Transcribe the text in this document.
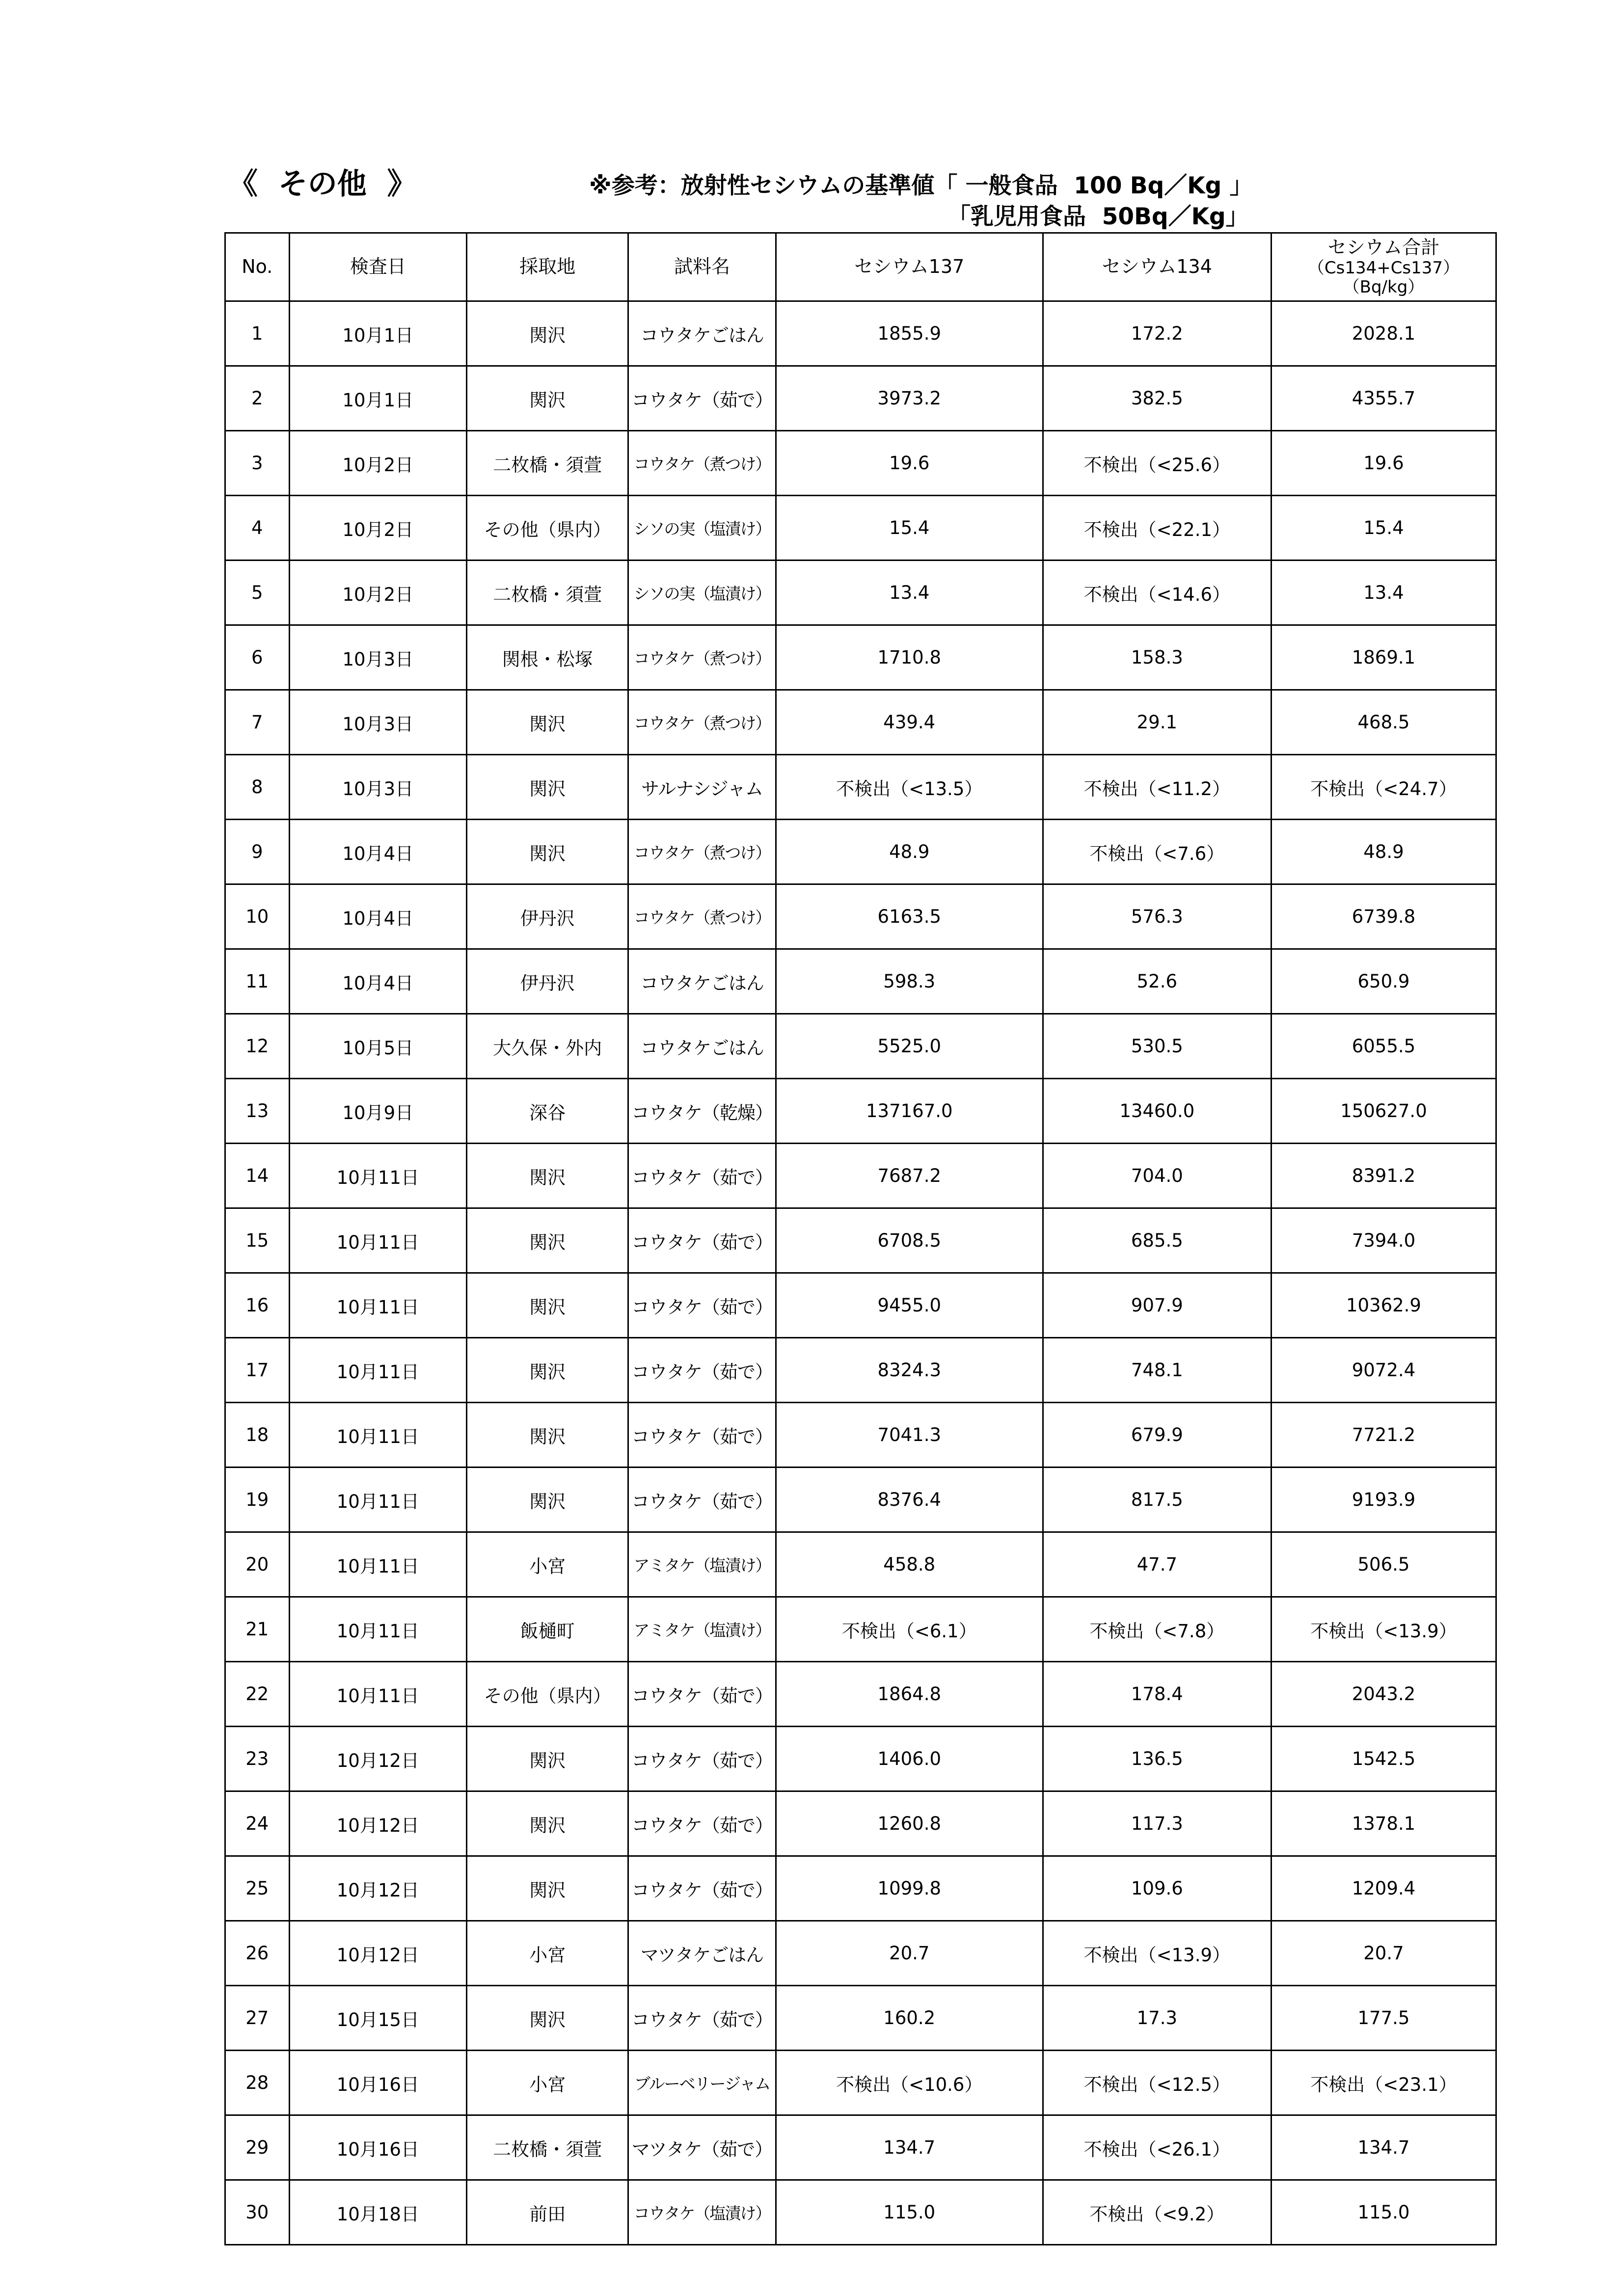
《  その他  》	※参考：放射性セシウムの基準値「 一般食品  100 Bq／Kg 」
「乳児用食品  50Bq／Kg」
No.	検査日	採取地	試料名	セシウム137	セシウム134	セシウム合計
（Cs134+Cs137）
（Bq/kg）

1	10月1日	関沢	コウタケごはん	1855.9	172.2	2028.1
2	10月1日	関沢	コウタケ（茹で）	3973.2	382.5	4355.7
3	10月2日	二枚橋・須萱	コウタケ（煮つけ）	19.6	不検出（<25.6）	19.6
4	10月2日	その他（県内）	シソの実（塩漬け）	15.4	不検出（<22.1）	15.4
5	10月2日	二枚橋・須萱	シソの実（塩漬け）	13.4	不検出（<14.6）	13.4
6	10月3日	関根・松塚	コウタケ（煮つけ）	1710.8	158.3	1869.1
7	10月3日	関沢	コウタケ（煮つけ）	439.4	29.1	468.5
8	10月3日	関沢	サルナシジャム	不検出（<13.5）	不検出（<11.2）	不検出（<24.7）
9	10月4日	関沢	コウタケ（煮つけ）	48.9	不検出（<7.6）	48.9
10	10月4日	伊丹沢	コウタケ（煮つけ）	6163.5	576.3	6739.8
11	10月4日	伊丹沢	コウタケごはん	598.3	52.6	650.9
12	10月5日	大久保・外内	コウタケごはん	5525.0	530.5	6055.5
13	10月9日	深谷	コウタケ（乾燥）	137167.0	13460.0	150627.0
14	10月11日	関沢	コウタケ（茹で）	7687.2	704.0	8391.2
15	10月11日	関沢	コウタケ（茹で）	6708.5	685.5	7394.0
16	10月11日	関沢	コウタケ（茹で）	9455.0	907.9	10362.9
17	10月11日	関沢	コウタケ（茹で）	8324.3	748.1	9072.4
18	10月11日	関沢	コウタケ（茹で）	7041.3	679.9	7721.2
19	10月11日	関沢	コウタケ（茹で）	8376.4	817.5	9193.9
20	10月11日	小宮	アミタケ（塩漬け）	458.8	47.7	506.5
21	10月11日	飯樋町	アミタケ（塩漬け）	不検出（<6.1）	不検出（<7.8）	不検出（<13.9）
22	10月11日	その他（県内）	コウタケ（茹で）	1864.8	178.4	2043.2
23	10月12日	関沢	コウタケ（茹で）	1406.0	136.5	1542.5
24	10月12日	関沢	コウタケ（茹で）	1260.8	117.3	1378.1
25	10月12日	関沢	コウタケ（茹で）	1099.8	109.6	1209.4
26	10月12日	小宮	マツタケごはん	20.7	不検出（<13.9）	20.7
27	10月15日	関沢	コウタケ（茹で）	160.2	17.3	177.5
28	10月16日	小宮	ブルーベリージャム	不検出（<10.6）	不検出（<12.5）	不検出（<23.1）
29	10月16日	二枚橋・須萱	マツタケ（茹で）	134.7	不検出（<26.1）	134.7
30	10月18日	前田	コウタケ（塩漬け）	115.0	不検出（<9.2）	115.0
